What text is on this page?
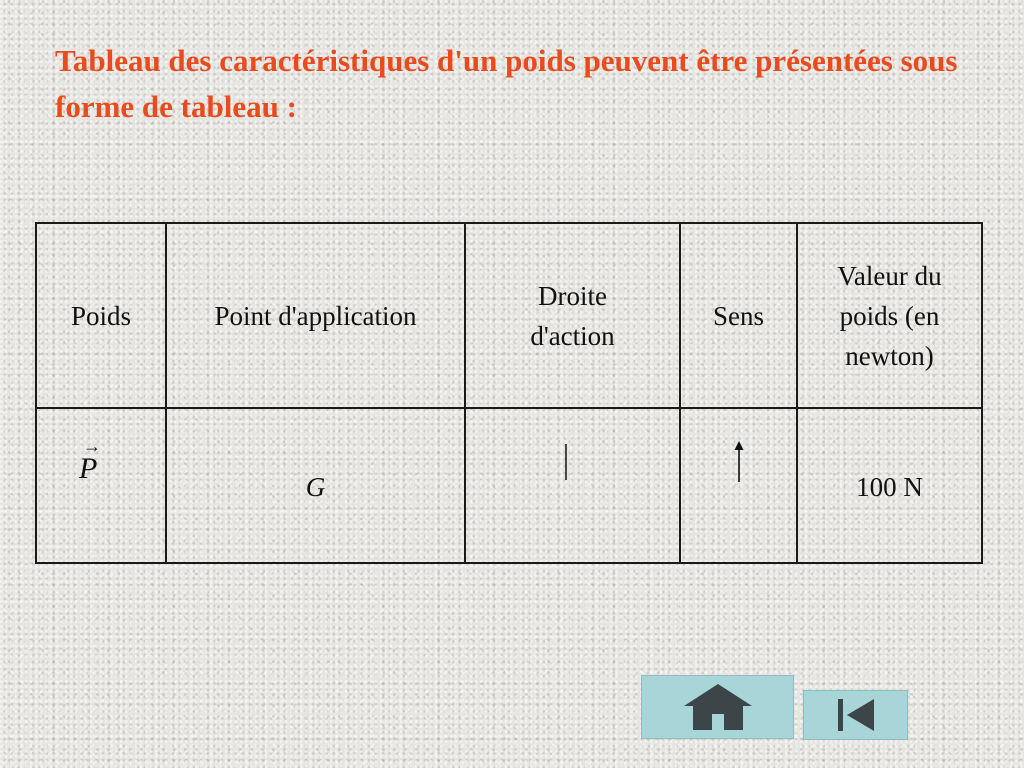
Tableau des caractéristiques d'un poids peuvent être présentées sous forme de tableau :
Poids	Point d'application	Droite d'action	Sens	Valeur du poids (en newton)

→
P	G			100 N
